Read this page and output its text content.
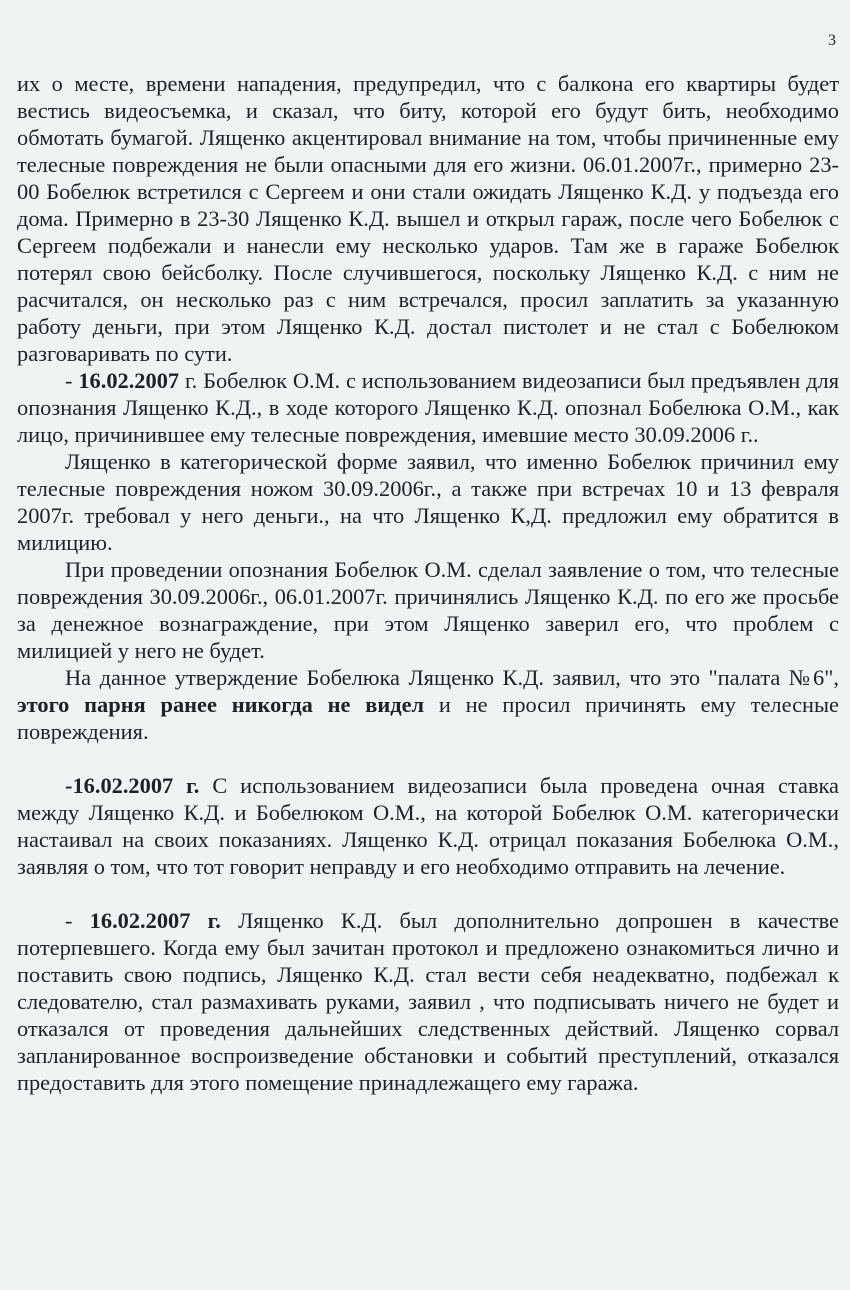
3

их о месте, времени нападения, предупредил, что с балкона его квартиры будет вестись видеосъемка, и сказал, что биту, которой его будут бить, необходимо обмотать бумагой. Лященко акцентировал внимание на том, чтобы причиненные ему телесные повреждения не были опасными для его жизни. 06.01.2007г., примерно 23-00 Бобелюк встретился с Сергеем и они стали ожидать Лященко К.Д. у подъезда его дома. Примерно в 23-30 Лященко К.Д. вышел и открыл гараж, после чего Бобелюк с Сергеем подбежали и нанесли ему несколько ударов. Там же в гараже Бобелюк потерял свою бейсболку. После случившегося, поскольку Лященко К.Д. с ним не расчитался, он несколько раз с ним встречался, просил заплатить за указанную работу деньги, при этом Лященко К.Д. достал пистолет и не стал с Бобелюком разговаривать по сути.

- 16.02.2007 г. Бобелюк О.М. с использованием видеозаписи был предъявлен для опознания Лященко К.Д., в ходе которого Лященко К.Д. опознал Бобелюка О.М., как лицо, причинившее ему телесные повреждения, имевшие место 30.09.2006 г..

Лященко в категорической форме заявил, что именно Бобелюк причинил ему телесные повреждения ножом 30.09.2006г., а также при встречах 10 и 13 февраля 2007г. требовал у него деньги., на что Лященко К,Д. предложил ему обратится в милицию.

При проведении опознания Бобелюк О.М. сделал заявление о том, что телесные повреждения 30.09.2006г., 06.01.2007г. причинялись Лященко К.Д. по его же просьбе за денежное вознаграждение, при этом Лященко заверил его, что проблем с милицией у него не будет.

На данное утверждение Бобелюка Лященко К.Д. заявил, что это "палата №6", этого парня ранее никогда не видел и не просил причинять ему телесные повреждения.

-16.02.2007 г. С использованием видеозаписи была проведена очная ставка между Лященко К.Д. и Бобелюком О.М., на которой Бобелюк О.М. категорически настаивал на своих показаниях. Лященко К.Д. отрицал показания Бобелюка О.М., заявляя о том, что тот говорит неправду и его необходимо отправить на лечение.

- 16.02.2007 г. Лященко К.Д. был дополнительно допрошен в качестве потерпевшего. Когда ему был зачитан протокол и предложено ознакомиться лично и поставить свою подпись, Лященко К.Д. стал вести себя неадекватно, подбежал к следователю, стал размахивать руками, заявил , что подписывать ничего не будет и отказался от проведения дальнейших следственных действий. Лященко сорвал запланированное воспроизведение обстановки и событий преступлений, отказался предоставить для этого помещение принадлежащего ему гаража.
